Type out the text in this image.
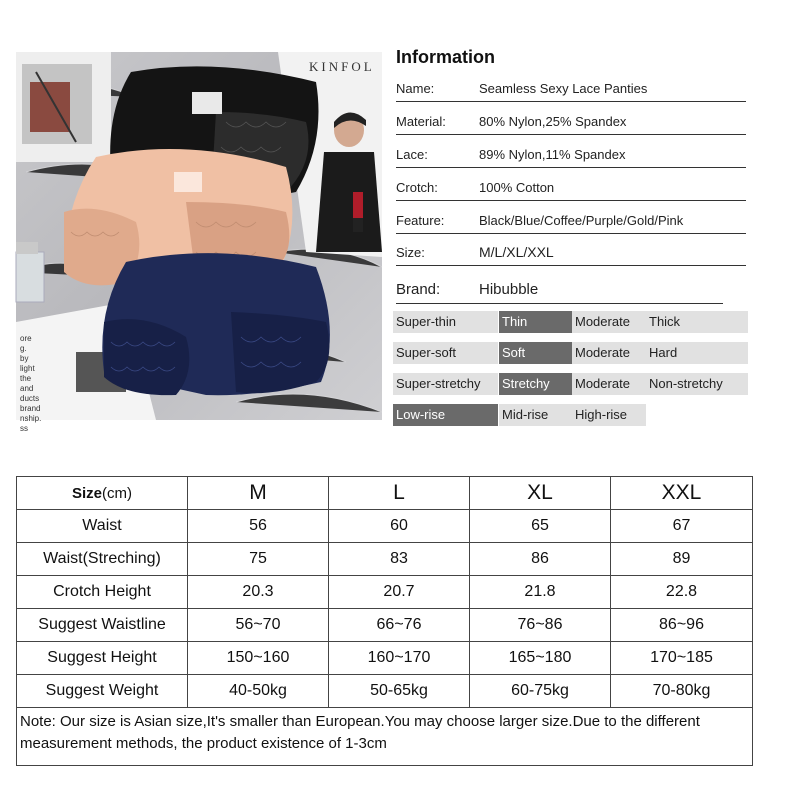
KINFOL
ore
g.
by
light
the
and
ducts
brand
nship.
ss
Information
Name:	Seamless Sexy Lace Panties
Material:	80% Nylon,25% Spandex
Lace:	89% Nylon,11% Spandex
Crotch:	100% Cotton
Feature:	Black/Blue/Coffee/Purple/Gold/Pink
Size:	M/L/XL/XXL
Brand:	Hibubble
Super-thin	Thin	Moderate	Thick
Super-soft	Soft	Moderate	Hard
Super-stretchy	Stretchy	Moderate	Non-stretchy
Low-rise	Mid-rise	High-rise
Size(cm)	M	L	XL	XXL
Waist	56	60	65	67
Waist(Streching)	75	83	86	89
Crotch Height	20.3	20.7	21.8	22.8
Suggest Waistline	56~70	66~76	76~86	86~96
Suggest Height	150~160	160~170	165~180	170~185
Suggest Weight	40-50kg	50-65kg	60-75kg	70-80kg
Note: Our size is Asian size,It's smaller than European.You may choose larger size.Due to the different measurement methods, the product existence of 1-3cm				
